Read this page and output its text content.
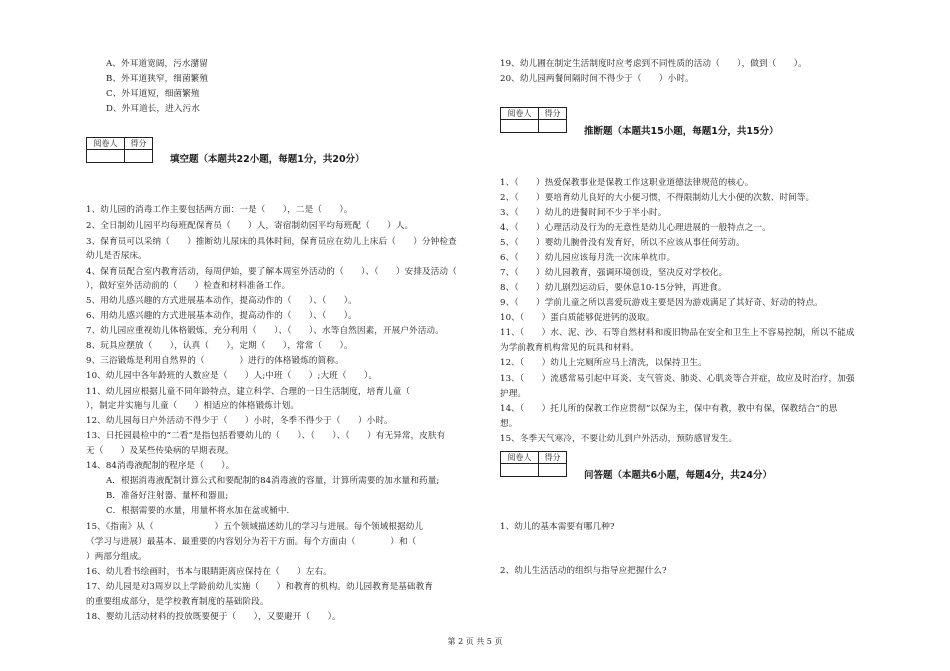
A、外耳道宽阔，污水潴留
B、外耳道狭窄，细菌繁殖
C、外耳道短，细菌繁殖
D、外耳道长，进入污水
阅卷人	得分

填空题（本题共22小题，每题1分，共20分）
1、幼儿园的消毒工作主要包括两方面：一是（　　），二是（　　）。
2、全日制幼儿园平均每班配保育员（　　）人，寄宿制幼园平均每班配（　　）人。
3、保育员可以采纳（　　）推断幼儿尿床的具体时间，保育员应在幼儿上床后（　　）分钟检查
幼儿是否尿床。
4、保育员配合室内教育活动，每周伊始，要了解本周室外活动的（　　）、（　　）安排及活动（
），做好室外活动前的（　　）检查和材料准备工作。
5、用幼儿感兴趣的方式进展基本动作，提高动作的（　　）、（　　）。
6、用幼儿感兴趣的方式进展基本动作，提高动作的（　　）、（　　）。
7、幼儿园应重视幼儿体格锻炼，充分利用（　　）、（　　）、水等自然因素，开展户外活动。
8、玩具应摆放（　　），认真（　　），定期（　　），常常（　　）。
9、三浴锻炼是利用自然界的（　　　　）进行的体格锻炼的简称。
10、幼儿园中各年龄班的人数应是（　　）人;中班（　　）;大班（　　）。
11、幼儿园应根据儿童不同年龄特点，建立科学、合理的一日生活制度，培育儿童（
），制定并实施与儿童（　　）相适应的体格锻炼计划。
12、幼儿园每日户外活动不得少于（　　）小时，冬季不得少于（　　）小时。
13、日托园晨检中的“二看”是指包括看婴幼儿的（　　）、（　　）、（　　）有无异常，皮肤有
无（　　）及某些传染病的早期表现。
14、84消毒液配制的程序是（　　）。
A．根据消毒液配制计算公式和要配制的84消毒液的容量，计算所需要的加水量和药量;
B．准备好注射器、量杯和器皿;
C．根据需要的水量，用量杯将水加在盆或桶中.
15、《指南》从（　　　　　　　）五个领域描述幼儿的学习与进展。每个领域根据幼儿
（学习与进展）最基本、最重要的内容划分为若干方面。每个方面由（　　　　）和（
）两部分组成。
16、幼儿看书绘画时，书本与眼睛距离应保持在（　　）左右。
17、幼儿园是对3周岁以上学龄前幼儿实施（　　）和教育的机构。幼儿园教育是基础教育
的重要组成部分，是学校教育制度的基础阶段。
18、婴幼儿活动材料的投放既要便于（　　），又要避开（　　）。
19、幼儿圃在制定生活制度时应考虑到不同性质的活动（　　），做到（　　）。
20、幼儿园两餐间隔时间不得少于（　　）小时。
阅卷人	得分

推断题（本题共15小题，每题1分，共15分）
1、（　　）热爱保教事业是保教工作这职业道德法律规范的核心。
2、（　　）要培育幼儿良好的大小便习惯，不得限制幼儿大小便的次数、时间等。
3、（　　）幼儿的进餐时间不少于半小时。
4、（　　）心理活动及行为的无意性是幼儿心理进展的一般特点之一。
5、（　　）婴幼儿腕骨没有发育好，所以不应该从事任何劳动。
6、（　　）幼儿园应该每月洗一次床单枕巾。
7、（　　）幼儿园教育，强调环境创设，坚决反对学校化。
8、（　　）幼儿剧烈运动后，要休息10-15分钟，再进食。
9、（　　）学前儿童之所以喜爱玩游戏主要是因为游戏满足了其好奇、好动的特点。
10、（　　）蛋白质能够促进钙的汲取。
11、（　　）水、泥、沙、石等自然材料和废旧物品在安全和卫生上不容易控制，所以不能成
为学前教育机构常见的玩具和材料。
12、（　　）幼儿上完厕所应马上清洗，以保持卫生。
13、（　　）流感常易引起中耳炎、支气管炎、肺炎、心肌炎等合并症，故应及时治疗，加强
护理。
14、（　　）托儿所的保教工作应贯彻“以保为主，保中有教，教中有保，保教结合”的思
想。
15、冬季天气寒冷，不要让幼儿到户外活动，预防感冒发生。
阅卷人	得分

问答题（本题共6小题，每题4分，共24分）
1、幼儿的基本需要有哪几种?
2、幼儿生活活动的组织与指导应把握什么?
第 2 页 共 5 页
